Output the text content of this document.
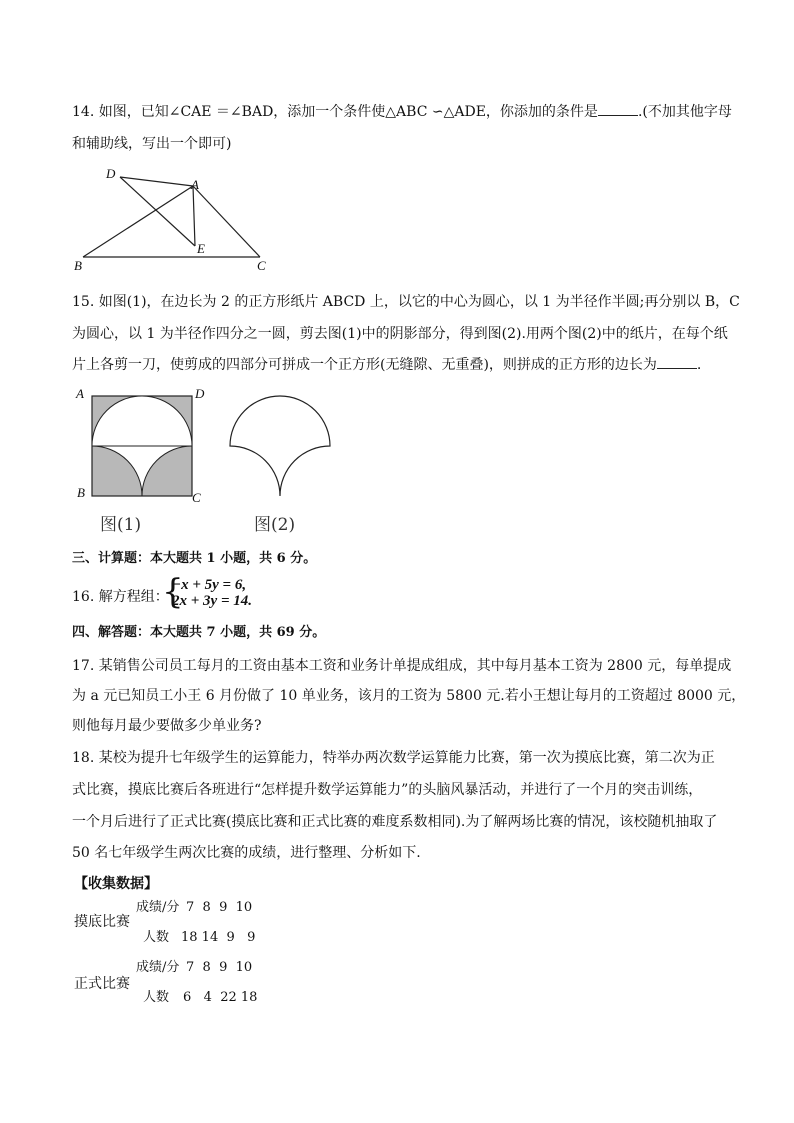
14. 如图，已知∠CAE ＝∠BAD，添加一个条件使△ABC ∽△ADE，你添加的条件是	.(不加其他字母
和辅助线，写出一个即可)
D
A
E
B	C
15. 如图(1)，在边长为 2 的正方形纸片 ABCD 上，以它的中心为圆心，以 1 为半径作半圆;再分别以 B，C
为圆心，以 1 为半径作四分之一圆，剪去图(1)中的阴影部分，得到图(2).用两个图(2)中的纸片，在每个纸
片上各剪一刀，使剪成的四部分可拼成一个正方形(无缝隙、无重叠)，则拼成的正方形的边长为	.
A	D
B	C
图(1)	图(2)
三、计算题：本大题共 1 小题，共 6 分。
16. 解方程组：
{
−x + 5y = 6,
2x + 3y = 14.
四、解答题：本大题共 7 小题，共 69 分。
17. 某销售公司员工每月的工资由基本工资和业务计单提成组成，其中每月基本工资为 2800 元，每单提成
为 a 元已知员工小王 6 月份做了 10 单业务，该月的工资为 5800 元.若小王想让每月的工资超过 8000 元，
则他每月最少要做多少单业务?
18. 某校为提升七年级学生的运算能力，特举办两次数学运算能力比赛，第一次为摸底比赛，第二次为正
式比赛，摸底比赛后各班进行“怎样提升数学运算能力”的头脑风暴活动，并进行了一个月的突击训练，
一个月后进行了正式比赛(摸底比赛和正式比赛的难度系数相同).为了解两场比赛的情况，该校随机抽取了
50 名七年级学生两次比赛的成绩，进行整理、分析如下.
【收集数据】
摸底比赛
成绩/分 7  8  9  10
人数 18 14  9   9
正式比赛
成绩/分 7  8  9  10
人数 6   4  22 18
